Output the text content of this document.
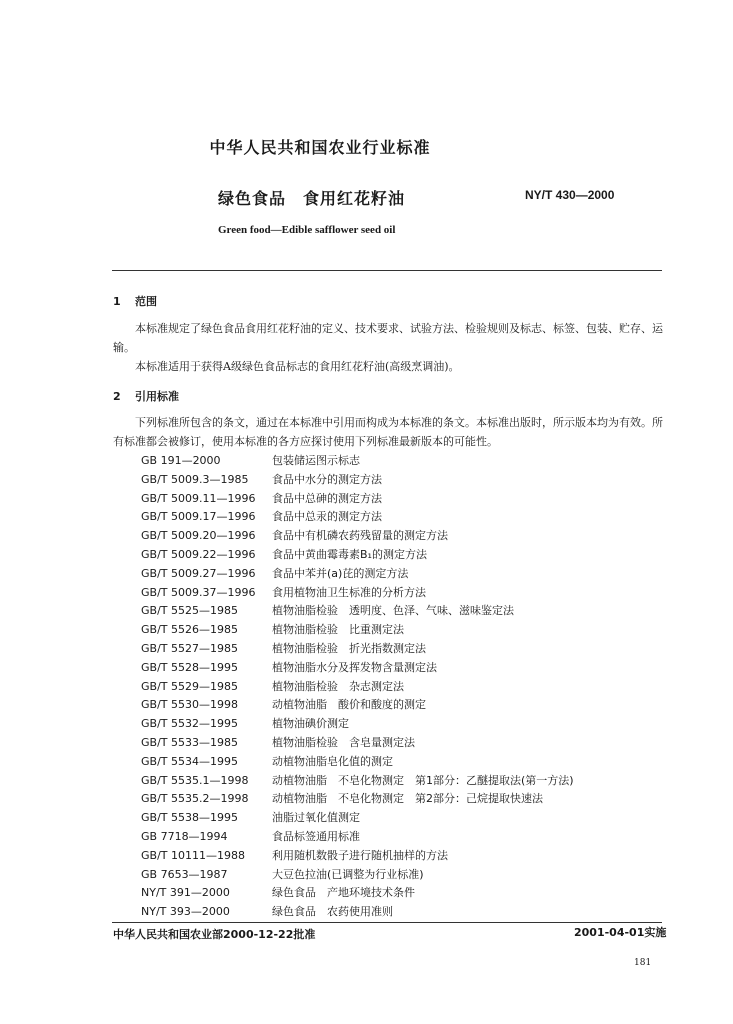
中华人民共和国农业行业标准
绿色食品　食用红花籽油	NY/T 430—2000
Green food—Edible safflower seed oil
1 范围
本标准规定了绿色食品食用红花籽油的定义、技术要求、试验方法、检验规则及标志、标签、包装、贮存、运输。
本标准适用于获得A级绿色食品标志的食用红花籽油(高级烹调油)。
2 引用标准
下列标准所包含的条文，通过在本标准中引用而构成为本标准的条文。本标准出版时，所示版本均为有效。所有标准都会被修订，使用本标准的各方应探讨使用下列标准最新版本的可能性。
GB 191—2000 	包装储运图示标志
GB/T 5009.3—1985  食品中水分的测定方法
GB/T 5009.11—1996  食品中总砷的测定方法
GB/T 5009.17—1996  食品中总汞的测定方法
GB/T 5009.20—1996  食品中有机磷农药残留量的测定方法
GB/T 5009.22—1996  食品中黄曲霉毒素B₁的测定方法
GB/T 5009.27—1996  食品中苯并(a)芘的测定方法
GB/T 5009.37—1996  食用植物油卫生标准的分析方法
GB/T 5525—1985 	植物油脂检验　透明度、色泽、气味、滋味鉴定法
GB/T 5526—1985 	植物油脂检验　比重测定法
GB/T 5527—1985 	植物油脂检验　折光指数测定法
GB/T 5528—1995 	植物油脂水分及挥发物含量测定法
GB/T 5529—1985 	植物油脂检验　杂志测定法
GB/T 5530—1998 	动植物油脂　酸价和酸度的测定
GB/T 5532—1995 	植物油碘价测定
GB/T 5533—1985 	植物油脂检验　含皂量测定法
GB/T 5534—1995 	动植物油脂皂化值的测定
GB/T 5535.1—1998  动植物油脂　不皂化物测定　第1部分：乙醚提取法(第一方法)
GB/T 5535.2—1998  动植物油脂　不皂化物测定　第2部分：己烷提取快速法
GB/T 5538—1995 	油脂过氧化值测定
GB 7718—1994 	食品标签通用标准
GB/T 10111—1988  利用随机数骰子进行随机抽样的方法
GB 7653—1987 	大豆色拉油(已调整为行业标准)
NY/T 391—2000 	绿色食品　产地环境技术条件
NY/T 393—2000 	绿色食品　农药使用准则
中华人民共和国农业部2000-12-22批准	2001-04-01实施
181
